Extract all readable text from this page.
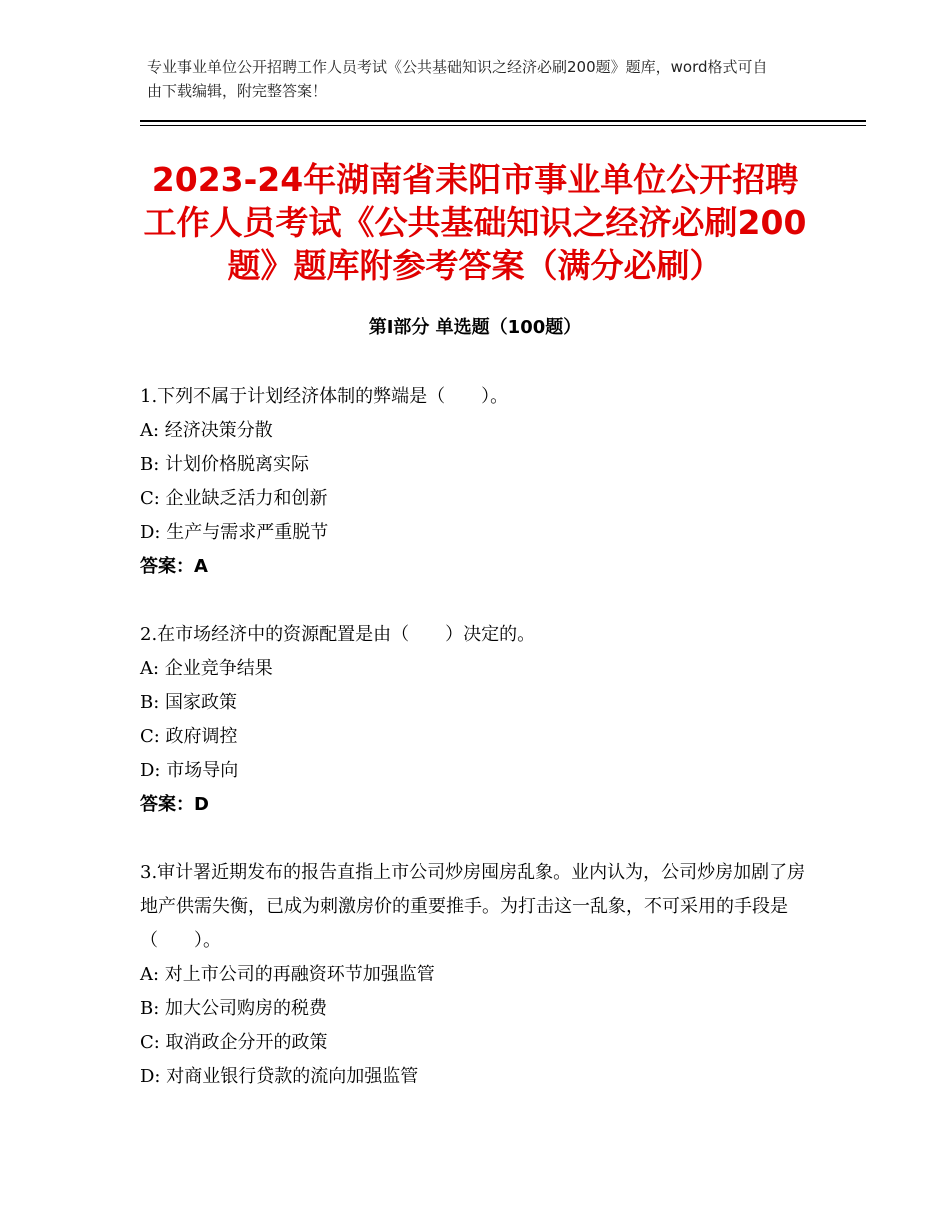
专业事业单位公开招聘工作人员考试《公共基础知识之经济必刷200题》题库，word格式可自由下载编辑，附完整答案！

2023-24年湖南省耒阳市事业单位公开招聘工作人员考试《公共基础知识之经济必刷200题》题库附参考答案（满分必刷）
第I部分 单选题（100题）

1.下列不属于计划经济体制的弊端是（　　）。

A: 经济决策分散

B: 计划价格脱离实际

C: 企业缺乏活力和创新

D: 生产与需求严重脱节

答案：A

2.在市场经济中的资源配置是由（　　）决定的。

A: 企业竞争结果

B: 国家政策

C: 政府调控

D: 市场导向

答案：D

3.审计署近期发布的报告直指上市公司炒房囤房乱象。业内认为，公司炒房加剧了房地产供需失衡，已成为刺激房价的重要推手。为打击这一乱象，不可采用的手段是（　　）。

A: 对上市公司的再融资环节加强监管

B: 加大公司购房的税费

C: 取消政企分开的政策

D: 对商业银行贷款的流向加强监管
